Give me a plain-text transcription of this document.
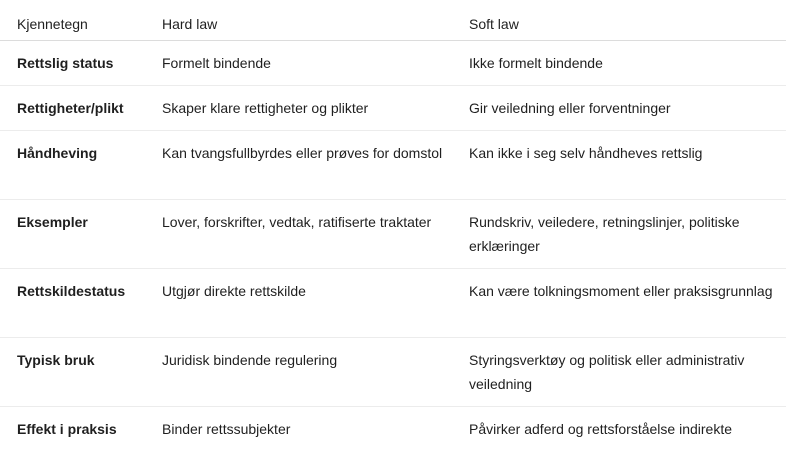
Kjennetegn	Hard law	Soft law
Rettslig status	Formelt bindende	Ikke formelt bindende
Rettigheter/plikt	Skaper klare rettigheter og plikter	Gir veiledning eller forventninger
Håndheving	Kan tvangsfullbyrdes eller prøves for domstol	Kan ikke i seg selv håndheves rettslig
Eksempler	Lover, forskrifter, vedtak, ratifiserte traktater	Rundskriv, veiledere, retningslinjer, politiske erklæringer
Rettskildestatus	Utgjør direkte rettskilde	Kan være tolkningsmoment eller praksisgrunnlag
Typisk bruk	Juridisk bindende regulering	Styringsverktøy og politisk eller administrativ veiledning
Effekt i praksis	Binder rettssubjekter	Påvirker adferd og rettsforståelse indirekte
